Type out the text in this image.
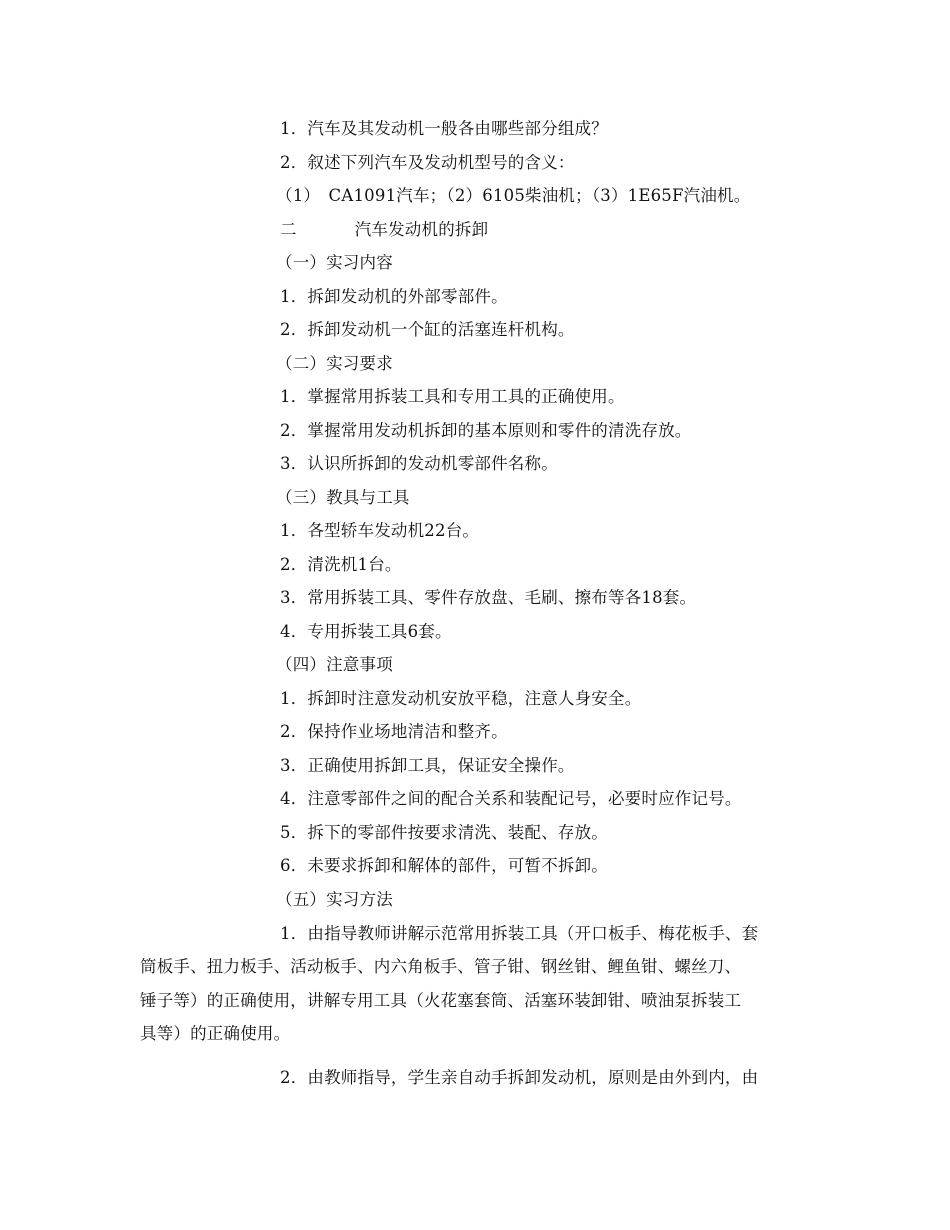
1．汽车及其发动机一般各由哪些部分组成？
2．叙述下列汽车及发动机型号的含义：
（1）　CA1091汽车；（2）6105柴油机；（3）1E65F汽油机。
二	汽车发动机的拆卸
（一）实习内容
1．拆卸发动机的外部零部件。
2．拆卸发动机一个缸的活塞连杆机构。
（二）实习要求
1．掌握常用拆装工具和专用工具的正确使用。
2．掌握常用发动机拆卸的基本原则和零件的清洗存放。
3．认识所拆卸的发动机零部件名称。
（三）教具与工具
1．各型轿车发动机22台。
2．清洗机1台。
3．常用拆装工具、零件存放盘、毛刷、擦布等各18套。
4．专用拆装工具6套。
（四）注意事项
1．拆卸时注意发动机安放平稳，注意人身安全。
2．保持作业场地清洁和整齐。
3．正确使用拆卸工具，保证安全操作。
4．注意零部件之间的配合关系和装配记号，必要时应作记号。
5．拆下的零部件按要求清洗、装配、存放。
6．未要求拆卸和解体的部件，可暂不拆卸。
（五）实习方法
1．由指导教师讲解示范常用拆装工具（开口板手、梅花板手、套
筒板手、扭力板手、活动板手、内六角板手、管子钳、钢丝钳、鲤鱼钳、螺丝刀、
锤子等）的正确使用，讲解专用工具（火花塞套筒、活塞环装卸钳、喷油泵拆装工
具等）的正确使用。
2．由教师指导，学生亲自动手拆卸发动机，原则是由外到内，由
